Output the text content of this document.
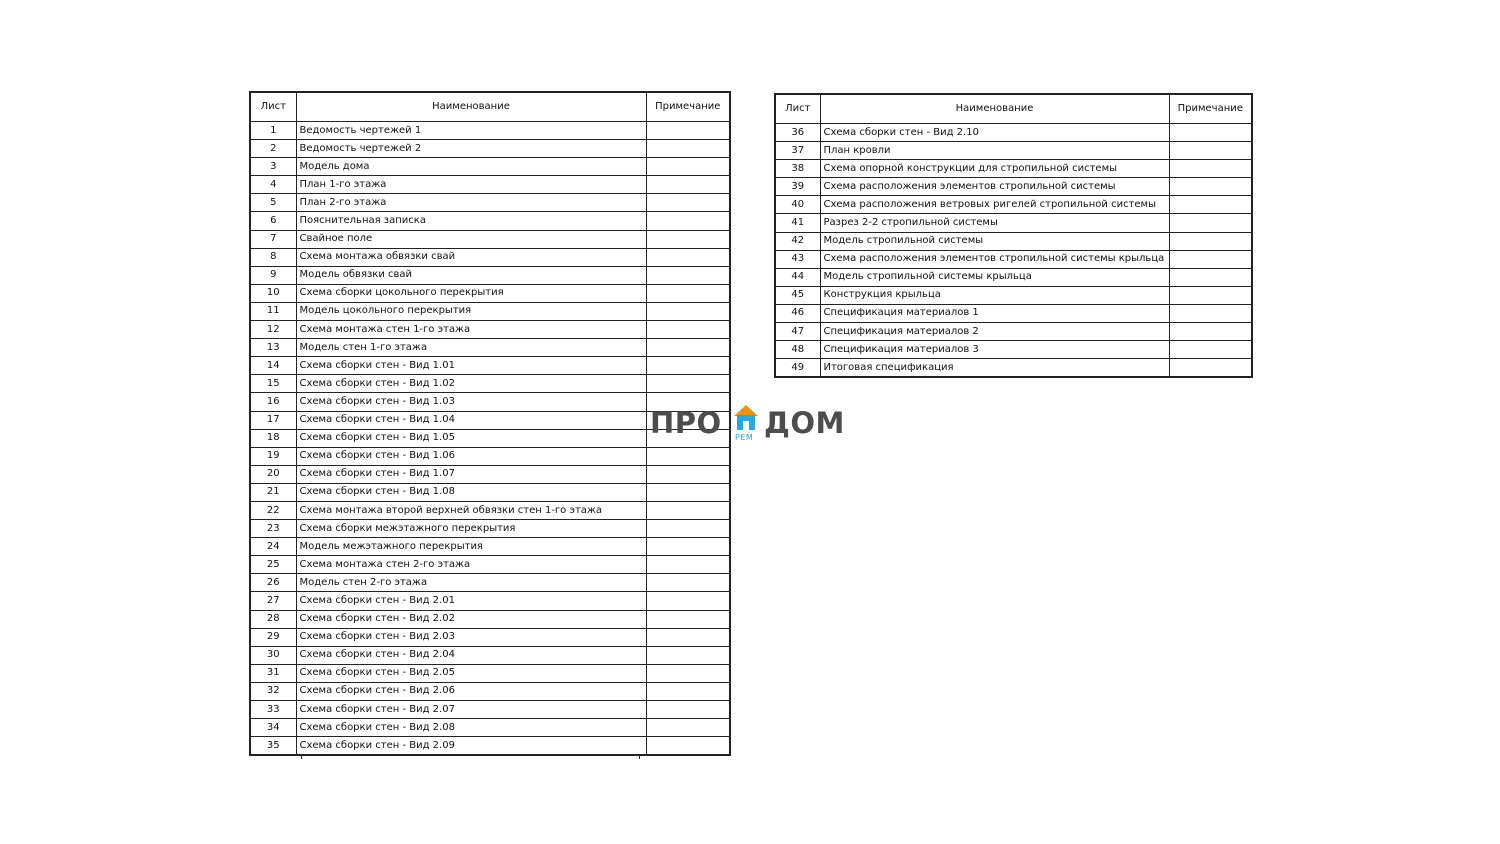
Лист	Наименование	Примечание
1	Ведомость чертежей 1	
2	Ведомость чертежей 2	
3	Модель дома	
4	План 1-го этажа	
5	План 2-го этажа	
6	Пояснительная записка	
7	Свайное поле	
8	Схема монтажа обвязки свай	
9	Модель обвязки свай	
10	Схема сборки цокольного перекрытия	
11	Модель цокольного перекрытия	
12	Схема монтажа стен 1-го этажа	
13	Модель стен 1-го этажа	
14	Схема сборки стен - Вид 1.01	
15	Схема сборки стен - Вид 1.02	
16	Схема сборки стен - Вид 1.03	
17	Схема сборки стен - Вид 1.04	
18	Схема сборки стен - Вид 1.05	
19	Схема сборки стен - Вид 1.06	
20	Схема сборки стен - Вид 1.07	
21	Схема сборки стен - Вид 1.08	
22	Схема монтажа второй верхней обвязки стен 1-го этажа	
23	Схема сборки межэтажного перекрытия	
24	Модель межэтажного перекрытия	
25	Схема монтажа стен 2-го этажа	
26	Модель стен 2-го этажа	
27	Схема сборки стен - Вид 2.01	
28	Схема сборки стен - Вид 2.02	
29	Схема сборки стен - Вид 2.03	
30	Схема сборки стен - Вид 2.04	
31	Схема сборки стен - Вид 2.05	
32	Схема сборки стен - Вид 2.06	
33	Схема сборки стен - Вид 2.07	
34	Схема сборки стен - Вид 2.08	
35	Схема сборки стен - Вид 2.09	
Лист	Наименование	Примечание
36	Схема сборки стен - Вид 2.10	
37	План кровли	
38	Схема опорной конструкции для стропильной системы	
39	Схема расположения элементов стропильной системы	
40	Схема расположения ветровых ригелей стропильной системы	
41	Разрез 2-2 стропильной системы	
42	Модель стропильной системы	
43	Схема расположения элементов стропильной системы крыльца	
44	Модель стропильной системы крыльца	
45	Конструкция крыльца	
46	Спецификация материалов 1	
47	Спецификация материалов 2	
48	Спецификация материалов 3	
49	Итоговая спецификация	
ПРО РЕМ ДОМ
